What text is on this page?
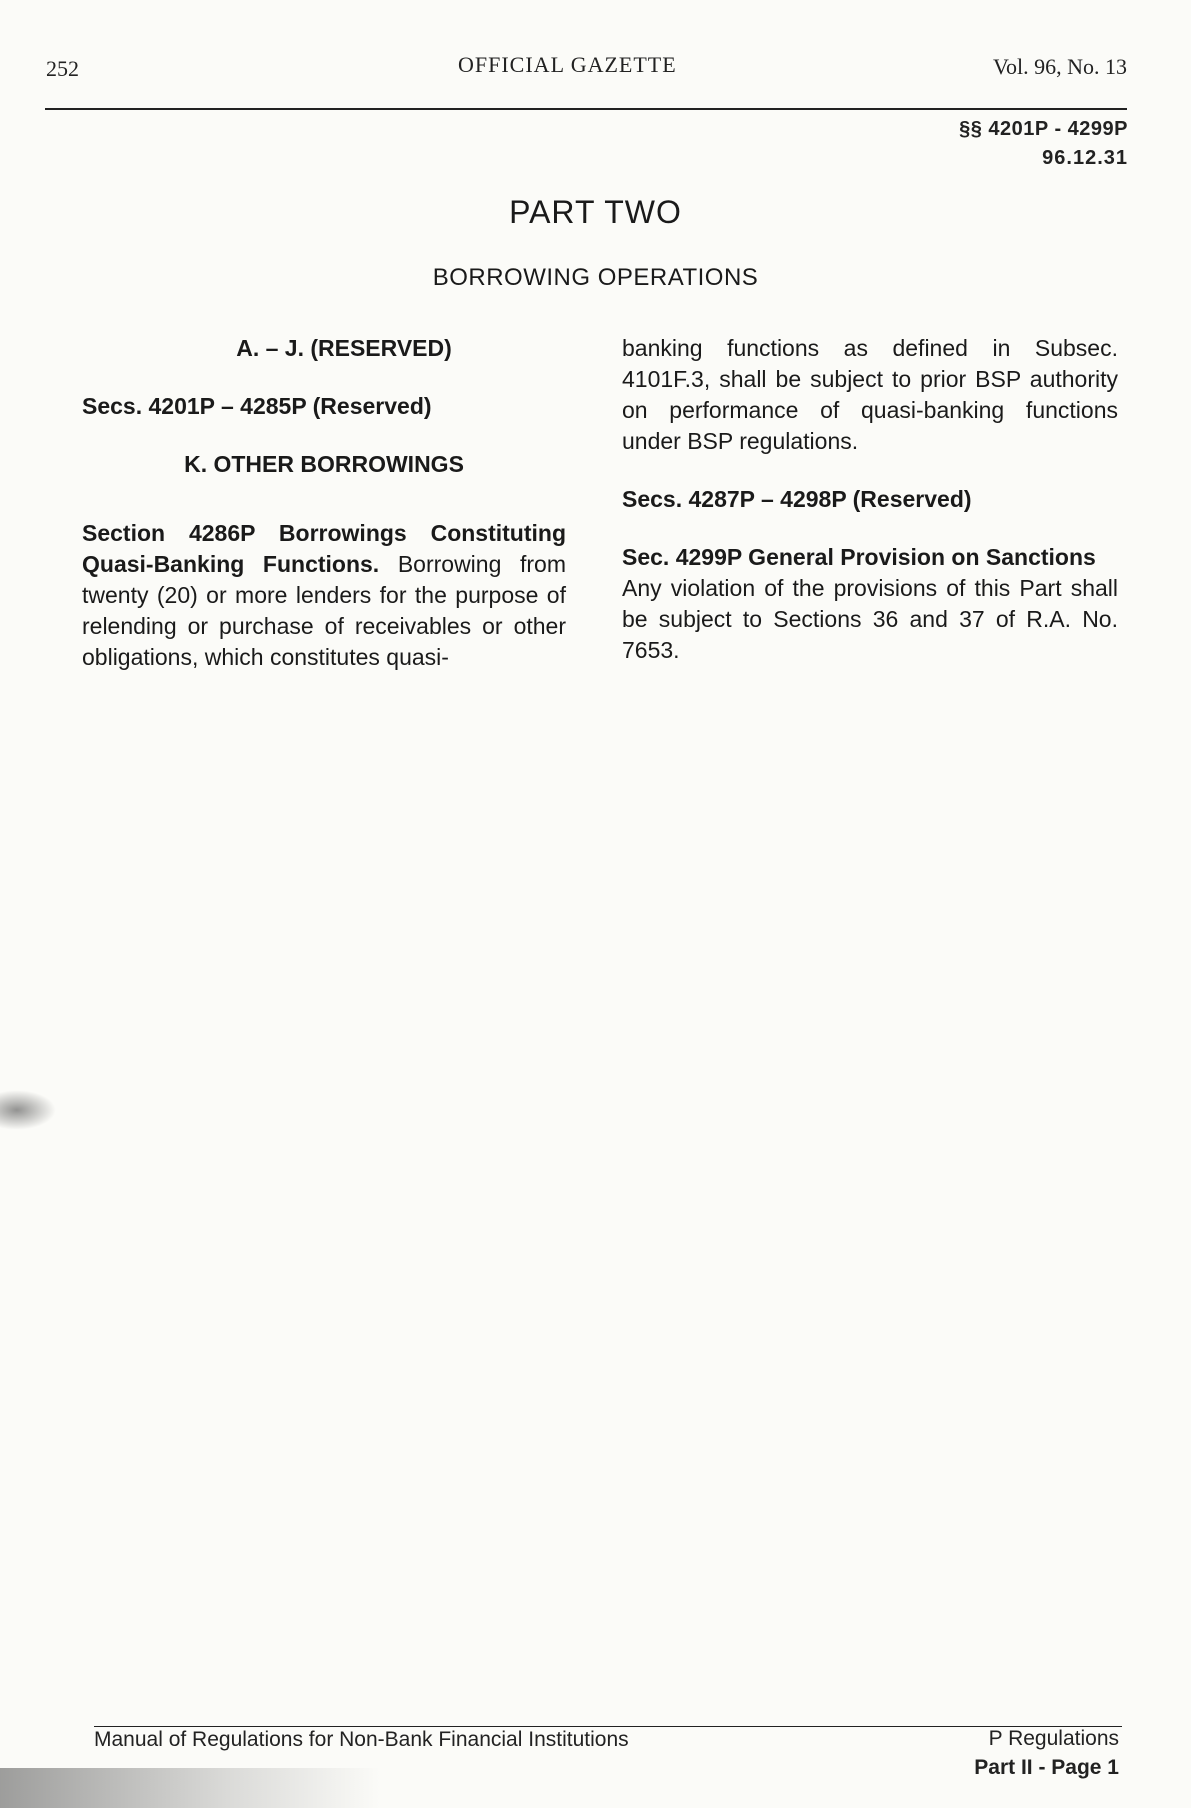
252	OFFICIAL GAZETTE	Vol. 96, No. 13
§§ 4201P - 4299P
96.12.31
PART TWO
BORROWING OPERATIONS
A. – J. (RESERVED)
Secs. 4201P – 4285P (Reserved)
K. OTHER BORROWINGS

Section 4286P Borrowings Constituting Quasi-Banking Functions. Borrowing from twenty (20) or more lenders for the purpose of relending or purchase of receivables or other obligations, which constitutes quasi-

banking functions as defined in Subsec. 4101F.3, shall be subject to prior BSP authority on performance of quasi-banking functions under BSP regulations.

Secs. 4287P – 4298P (Reserved)
Sec. 4299P General Provision on Sanctions

Any violation of the provisions of this Part shall be subject to Sections 36 and 37 of R.A. No. 7653.

Manual of Regulations for Non-Bank Financial Institutions	P Regulations
Part II - Page 1
